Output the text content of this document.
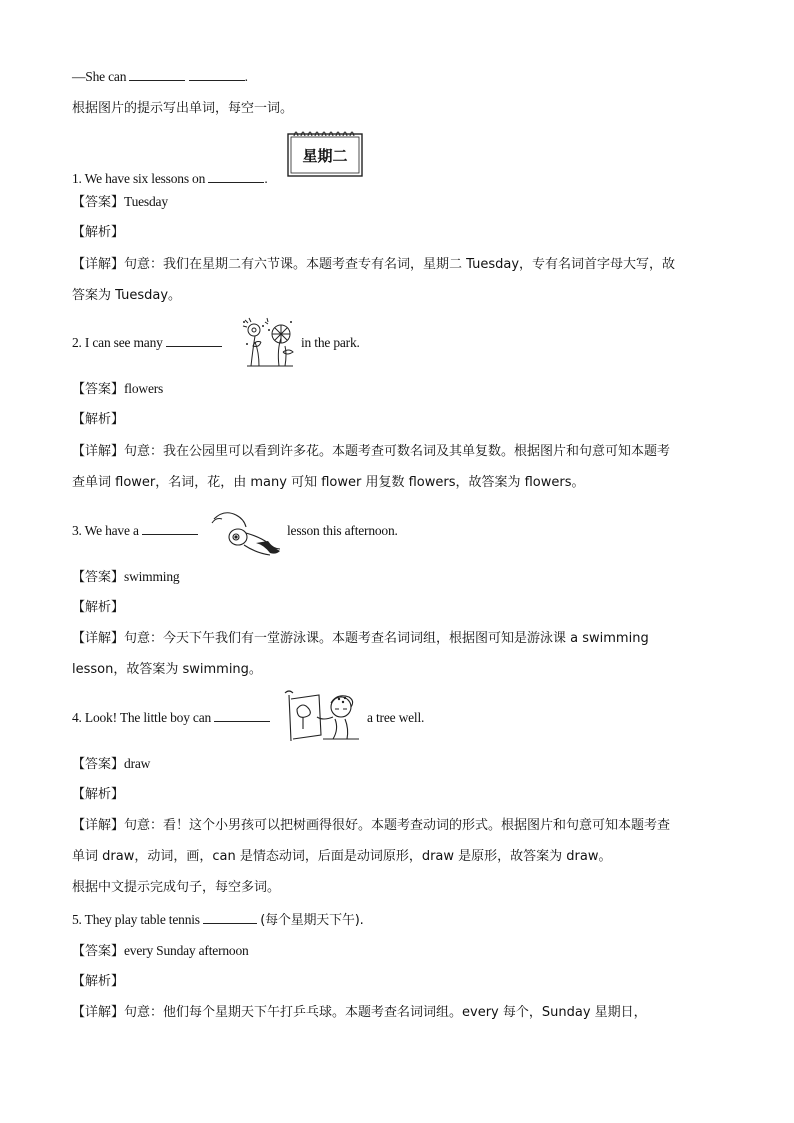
—She can	.
根据图片的提示写出单词，每空一词。
星期二
1. We have six lessons on	.
【答案】Tuesday
【解析】
【详解】句意：我们在星期二有六节课。本题考查专有名词，星期二 Tuesday，专有名词首字母大写，故
答案为 Tuesday。
2. I can see many	in the park.
【答案】flowers
【解析】
【详解】句意：我在公园里可以看到许多花。本题考查可数名词及其单复数。根据图片和句意可知本题考
查单词 flower，名词，花，由 many 可知 flower 用复数 flowers，故答案为 flowers。
3. We have a	lesson this afternoon.
【答案】swimming
【解析】
【详解】句意：今天下午我们有一堂游泳课。本题考查名词词组，根据图可知是游泳课 a swimming
lesson，故答案为 swimming。
4. Look! The little boy can	a tree well.
【答案】draw
【解析】
【详解】句意：看！这个小男孩可以把树画得很好。本题考查动词的形式。根据图片和句意可知本题考查
单词 draw，动词，画，can 是情态动词，后面是动词原形，draw 是原形，故答案为 draw。
根据中文提示完成句子，每空多词。
5. They play table tennis	(每个星期天下午).
【答案】every Sunday afternoon
【解析】
【详解】句意：他们每个星期天下午打乒乓球。本题考查名词词组。every 每个，Sunday 星期日，
